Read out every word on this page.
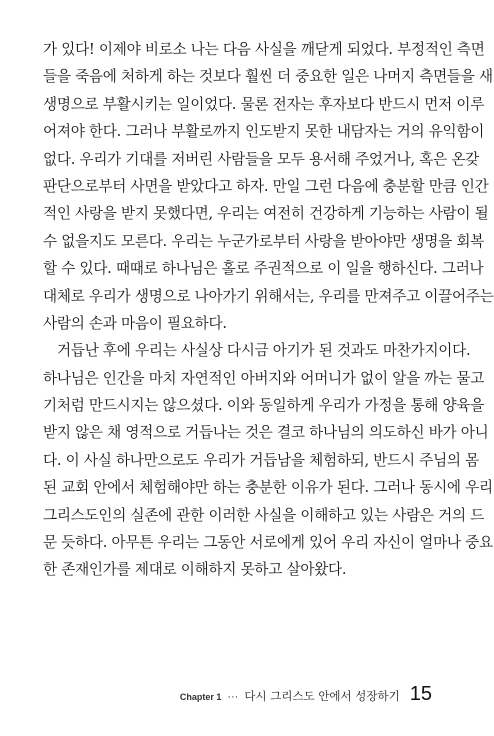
가 있다! 이제야 비로소 나는 다음 사실을 깨닫게 되었다. 부정적인 측면
들을 죽음에 처하게 하는 것보다 훨씬 더 중요한 일은 나머지 측면들을 새
생명으로 부활시키는 일이었다. 물론 전자는 후자보다 반드시 먼저 이루
어져야 한다. 그러나 부활로까지 인도받지 못한 내담자는 거의 유익함이
없다. 우리가 기대를 저버린 사람들을 모두 용서해 주었거나, 혹은 온갖
판단으로부터 사면을 받았다고 하자. 만일 그런 다음에 충분할 만큼 인간
적인 사랑을 받지 못했다면, 우리는 여전히 건강하게 기능하는 사람이 될
수 없을지도 모른다. 우리는 누군가로부터 사랑을 받아야만 생명을 회복
할 수 있다. 때때로 하나님은 홀로 주권적으로 이 일을 행하신다. 그러나
대체로 우리가 생명으로 나아가기 위해서는, 우리를 만져주고 이끌어주는
사람의 손과 마음이 필요하다.
거듭난 후에 우리는 사실상 다시금 아기가 된 것과도 마찬가지이다.
하나님은 인간을 마치 자연적인 아버지와 어머니가 없이 알을 까는 물고
기처럼 만드시지는 않으셨다. 이와 동일하게 우리가 가정을 통해 양육을
받지 않은 채 영적으로 거듭나는 것은 결코 하나님의 의도하신 바가 아니
다. 이 사실 하나만으로도 우리가 거듭남을 체험하되, 반드시 주님의 몸
된 교회 안에서 체험해야만 하는 충분한 이유가 된다. 그러나 동시에 우리
그리스도인의 실존에 관한 이러한 사실을 이해하고 있는 사람은 거의 드
문 듯하다. 아무튼 우리는 그동안 서로에게 있어 우리 자신이 얼마나 중요
한 존재인가를 제대로 이해하지 못하고 살아왔다.
Chapter 1 ··· 다시 그리스도 안에서 성장하기 15
